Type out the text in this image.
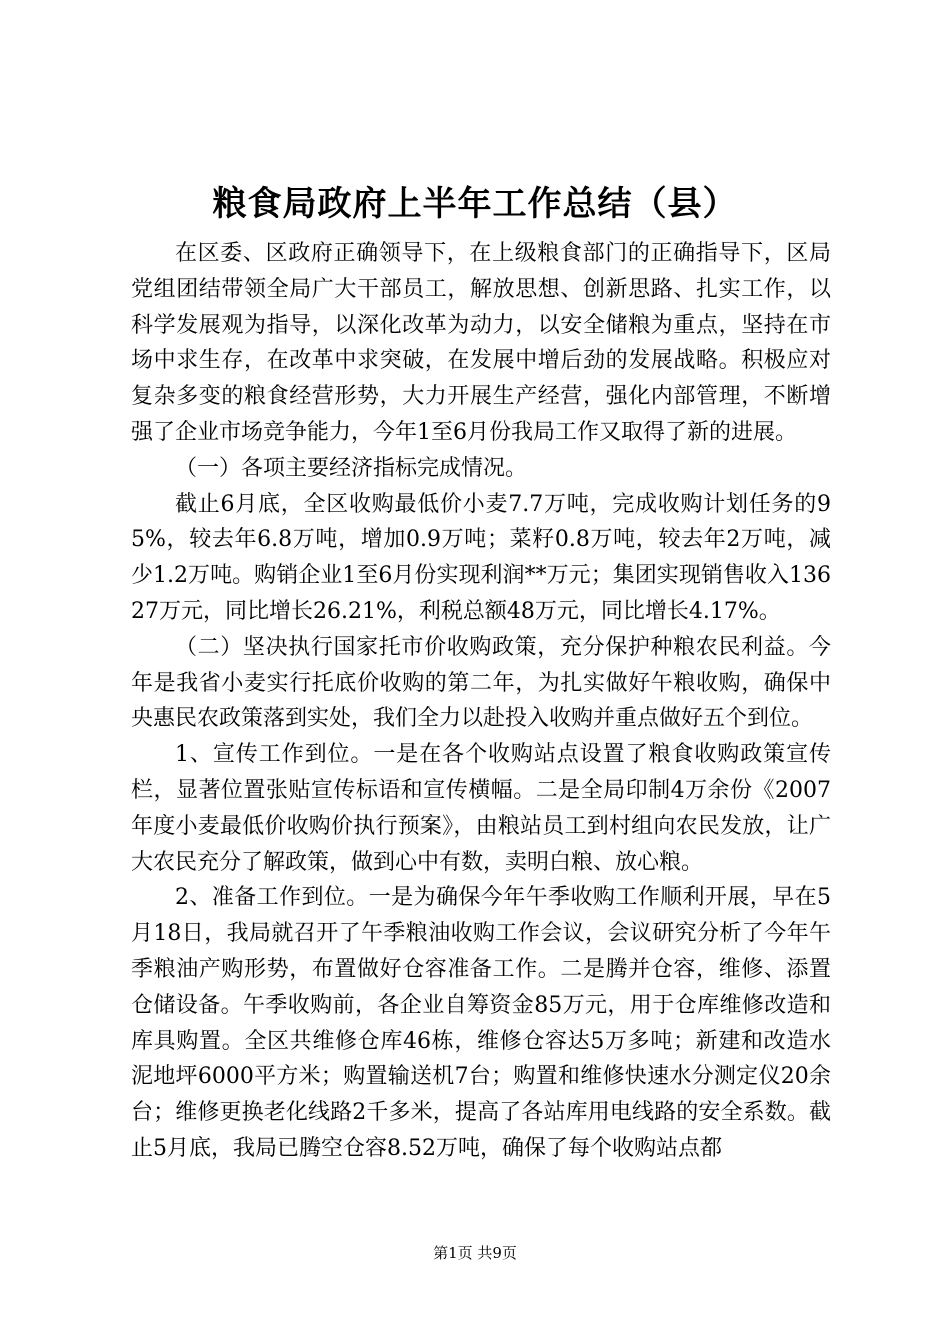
粮食局政府上半年工作总结（县）

在区委、区政府正确领导下，在上级粮食部门的正确指导下，区局党组团结带领全局广大干部员工，解放思想、创新思路、扎实工作，以科学发展观为指导，以深化改革为动力，以安全储粮为重点，坚持在市场中求生存，在改革中求突破，在发展中增后劲的发展战略。积极应对复杂多变的粮食经营形势，大力开展生产经营，强化内部管理，不断增强了企业市场竞争能力，今年1至6月份我局工作又取得了新的进展。

（一）各项主要经济指标完成情况。

截止6月底，全区收购最低价小麦7.7万吨，完成收购计划任务的95%，较去年6.8万吨，增加0.9万吨；菜籽0.8万吨，较去年2万吨，减少1.2万吨。购销企业1至6月份实现利润**万元；集团实现销售收入13627万元，同比增长26.21%，利税总额48万元，同比增长4.17%。

（二）坚决执行国家托市价收购政策，充分保护种粮农民利益。今年是我省小麦实行托底价收购的第二年，为扎实做好午粮收购，确保中央惠民农政策落到实处，我们全力以赴投入收购并重点做好五个到位。

1、宣传工作到位。一是在各个收购站点设置了粮食收购政策宣传栏，显著位置张贴宣传标语和宣传横幅。二是全局印制4万余份《2007年度小麦最低价收购价执行预案》，由粮站员工到村组向农民发放，让广大农民充分了解政策，做到心中有数，卖明白粮、放心粮。

2、准备工作到位。一是为确保今年午季收购工作顺利开展，早在5月18日，我局就召开了午季粮油收购工作会议，会议研究分析了今年午季粮油产购形势，布置做好仓容准备工作。二是腾并仓容，维修、添置仓储设备。午季收购前，各企业自筹资金85万元，用于仓库维修改造和库具购置。全区共维修仓库46栋，维修仓容达5万多吨；新建和改造水泥地坪6000平方米；购置输送机7台；购置和维修快速水分测定仪20余台；维修更换老化线路2千多米，提高了各站库用电线路的安全系数。截止5月底，我局已腾空仓容8.52万吨，确保了每个收购站点都

第1页 共9页
